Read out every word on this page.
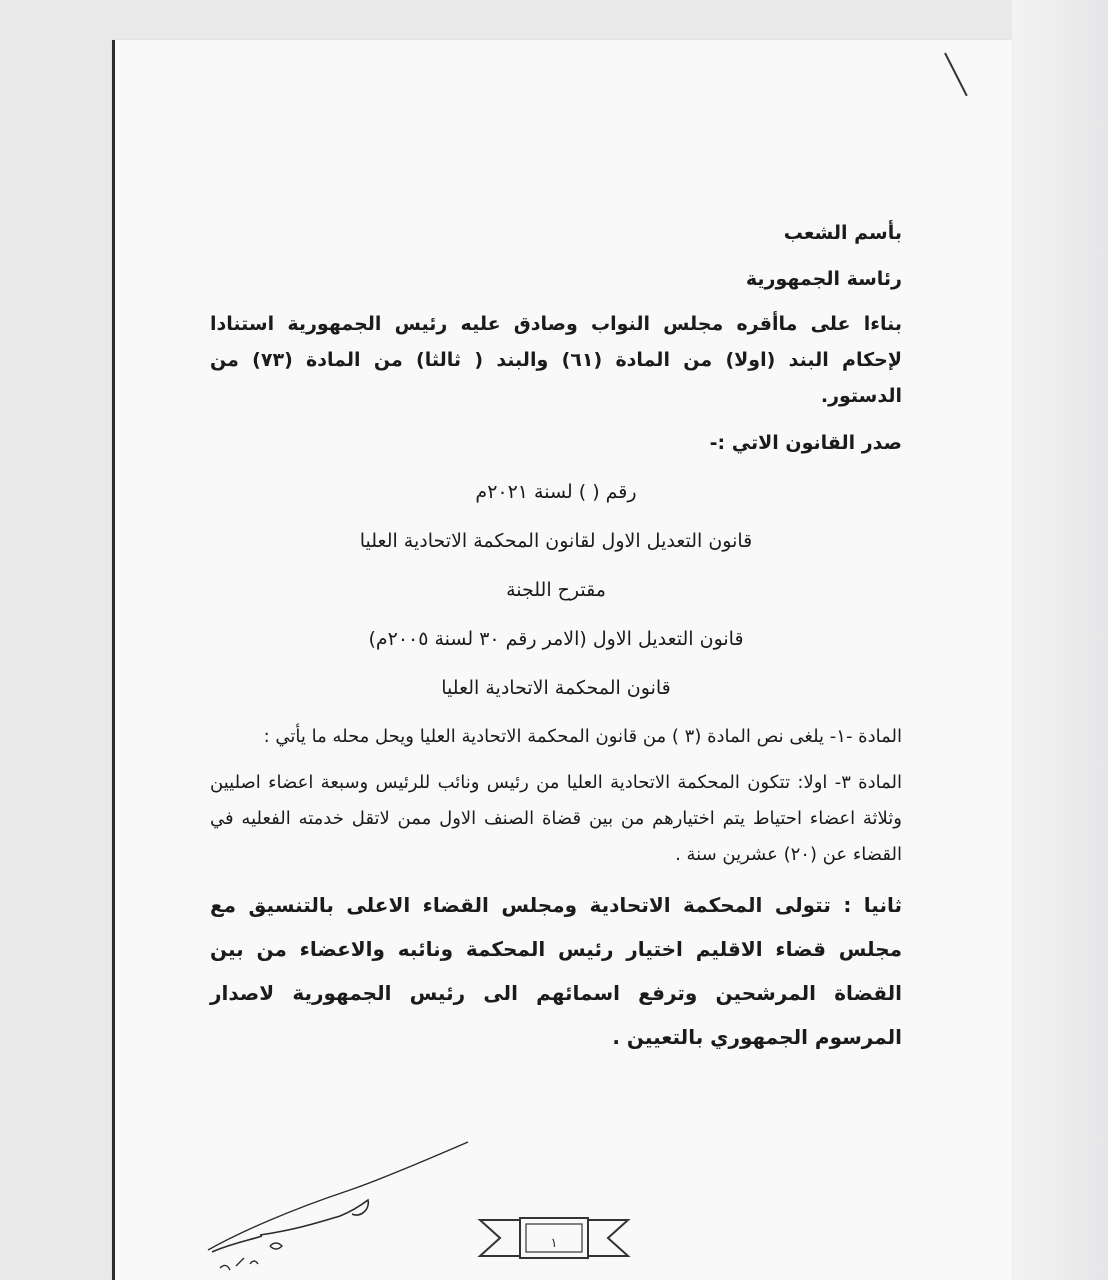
بأسم الشعب
رئاسة الجمهورية
بناءا على ماأقره مجلس النواب وصادق عليه رئيس الجمهورية استنادا لإحكام البند (اولا) من المادة (٦١) والبند ( ثالثا) من المادة (٧٣) من الدستور.
صدر القانون الاتي :-
رقم ( ) لسنة ٢٠٢١م
قانون التعديل الاول لقانون المحكمة الاتحادية العليا
مقترح اللجنة
قانون التعديل الاول (الامر رقم ٣٠ لسنة ٢٠٠٥م)
قانون المحكمة الاتحادية العليا
المادة -١- يلغى نص المادة (٣ ) من قانون المحكمة الاتحادية العليا ويحل محله ما يأتي :
المادة ٣- اولا: تتكون المحكمة الاتحادية العليا من رئيس ونائب للرئيس وسبعة اعضاء اصليين وثلاثة اعضاء احتياط يتم اختيارهم من بين قضاة الصنف الاول ممن لاتقل خدمته الفعليه في القضاء عن (٢٠) عشرين سنة .
ثانيا : تتولى المحكمة الاتحادية ومجلس القضاء الاعلى بالتنسيق مع مجلس قضاء الاقليم اختيار رئيس المحكمة ونائبه والاعضاء من بين القضاة المرشحين وترفع اسمائهم الى رئيس الجمهورية لاصدار المرسوم الجمهوري بالتعيين .
١
